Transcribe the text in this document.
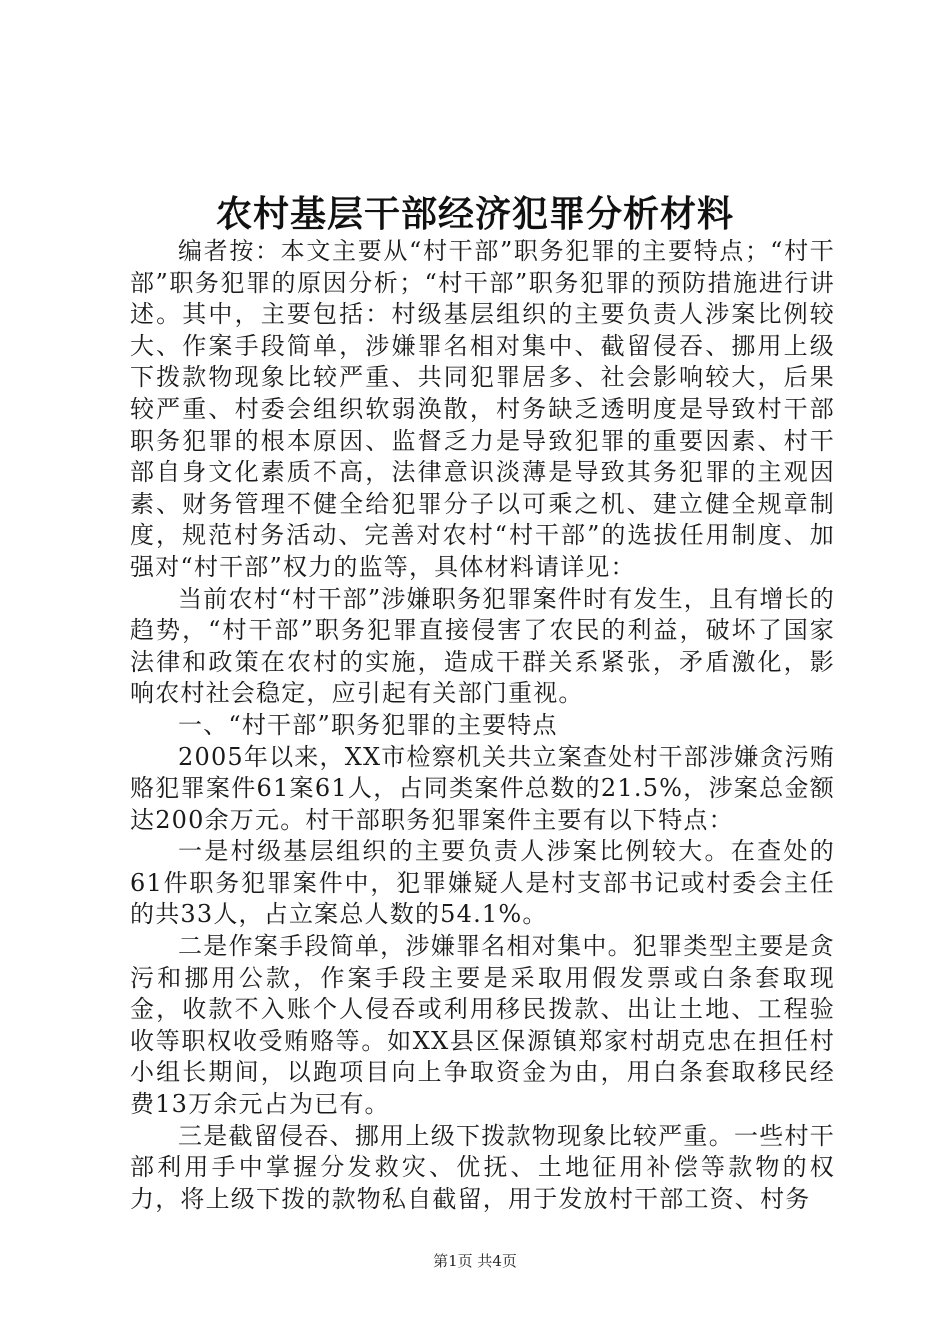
农村基层干部经济犯罪分析材料

编者按：本文主要从“村干部”职务犯罪的主要特点；“村干部”职务犯罪的原因分析；“村干部”职务犯罪的预防措施进行讲述。其中，主要包括：村级基层组织的主要负责人涉案比例较大、作案手段简单，涉嫌罪名相对集中、截留侵吞、挪用上级下拨款物现象比较严重、共同犯罪居多、社会影响较大，后果较严重、村委会组织软弱涣散，村务缺乏透明度是导致村干部职务犯罪的根本原因、监督乏力是导致犯罪的重要因素、村干部自身文化素质不高，法律意识淡薄是导致其务犯罪的主观因素、财务管理不健全给犯罪分子以可乘之机、建立健全规章制度，规范村务活动、完善对农村“村干部”的选拔任用制度、加强对“村干部”权力的监等，具体材料请详见：

当前农村“村干部”涉嫌职务犯罪案件时有发生，且有增长的趋势，“村干部”职务犯罪直接侵害了农民的利益，破坏了国家法律和政策在农村的实施，造成干群关系紧张，矛盾激化，影响农村社会稳定，应引起有关部门重视。

一、“村干部”职务犯罪的主要特点

2005年以来，XX市检察机关共立案查处村干部涉嫌贪污贿赂犯罪案件61案61人，占同类案件总数的21.5%，涉案总金额达200余万元。村干部职务犯罪案件主要有以下特点：

一是村级基层组织的主要负责人涉案比例较大。在查处的61件职务犯罪案件中，犯罪嫌疑人是村支部书记或村委会主任的共33人，占立案总人数的54.1%。

二是作案手段简单，涉嫌罪名相对集中。犯罪类型主要是贪污和挪用公款，作案手段主要是采取用假发票或白条套取现金，收款不入账个人侵吞或利用移民拨款、出让土地、工程验收等职权收受贿赂等。如XX县区保源镇郑家村胡克忠在担任村小组长期间，以跑项目向上争取资金为由，用白条套取移民经费13万余元占为已有。

三是截留侵吞、挪用上级下拨款物现象比较严重。一些村干部利用手中掌握分发救灾、优抚、土地征用补偿等款物的权力，将上级下拨的款物私自截留，用于发放村干部工资、村务

第1页 共4页
